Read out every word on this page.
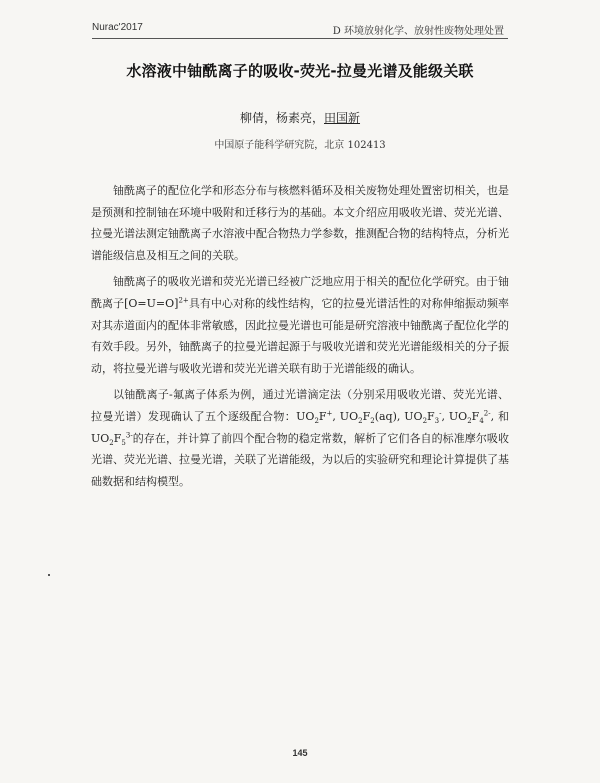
Nurac'2017	D 环境放射化学、放射性废物处理处置
水溶液中铀酰离子的吸收-荧光-拉曼光谱及能级关联
柳倩，杨素亮，田国新
中国原子能科学研究院，北京 102413

铀酰离子的配位化学和形态分布与核燃料循环及相关废物处理处置密切相关，也是是预测和控制铀在环境中吸附和迁移行为的基础。本文介绍应用吸收光谱、荧光光谱、拉曼光谱法测定铀酰离子水溶液中配合物热力学参数，推测配合物的结构特点，分析光谱能级信息及相互之间的关联。

铀酰离子的吸收光谱和荧光光谱已经被广泛地应用于相关的配位化学研究。由于铀酰离子[O=U=O]$^{2+}$具有中心对称的线性结构，它的拉曼光谱活性的对称伸缩振动频率对其赤道面内的配体非常敏感，因此拉曼光谱也可能是研究溶液中铀酰离子配位化学的有效手段。另外，铀酰离子的拉曼光谱起源于与吸收光谱和荧光光谱能级相关的分子振动，将拉曼光谱与吸收光谱和荧光光谱关联有助于光谱能级的确认。

以铀酰离子-氟离子体系为例，通过光谱滴定法（分别采用吸收光谱、荧光光谱、拉曼光谱）发现确认了五个逐级配合物：$UO_2F^+$, $UO_2F_2(aq)$, $UO_2F_3^-$, $UO_2F_4^{2-}$, 和 $UO_2F_5^{3-}$的存在，并计算了前四个配合物的稳定常数，解析了它们各自的标准摩尔吸收光谱、荧光光谱、拉曼光谱，关联了光谱能级，为以后的实验研究和理论计算提供了基础数据和结构模型。

145
